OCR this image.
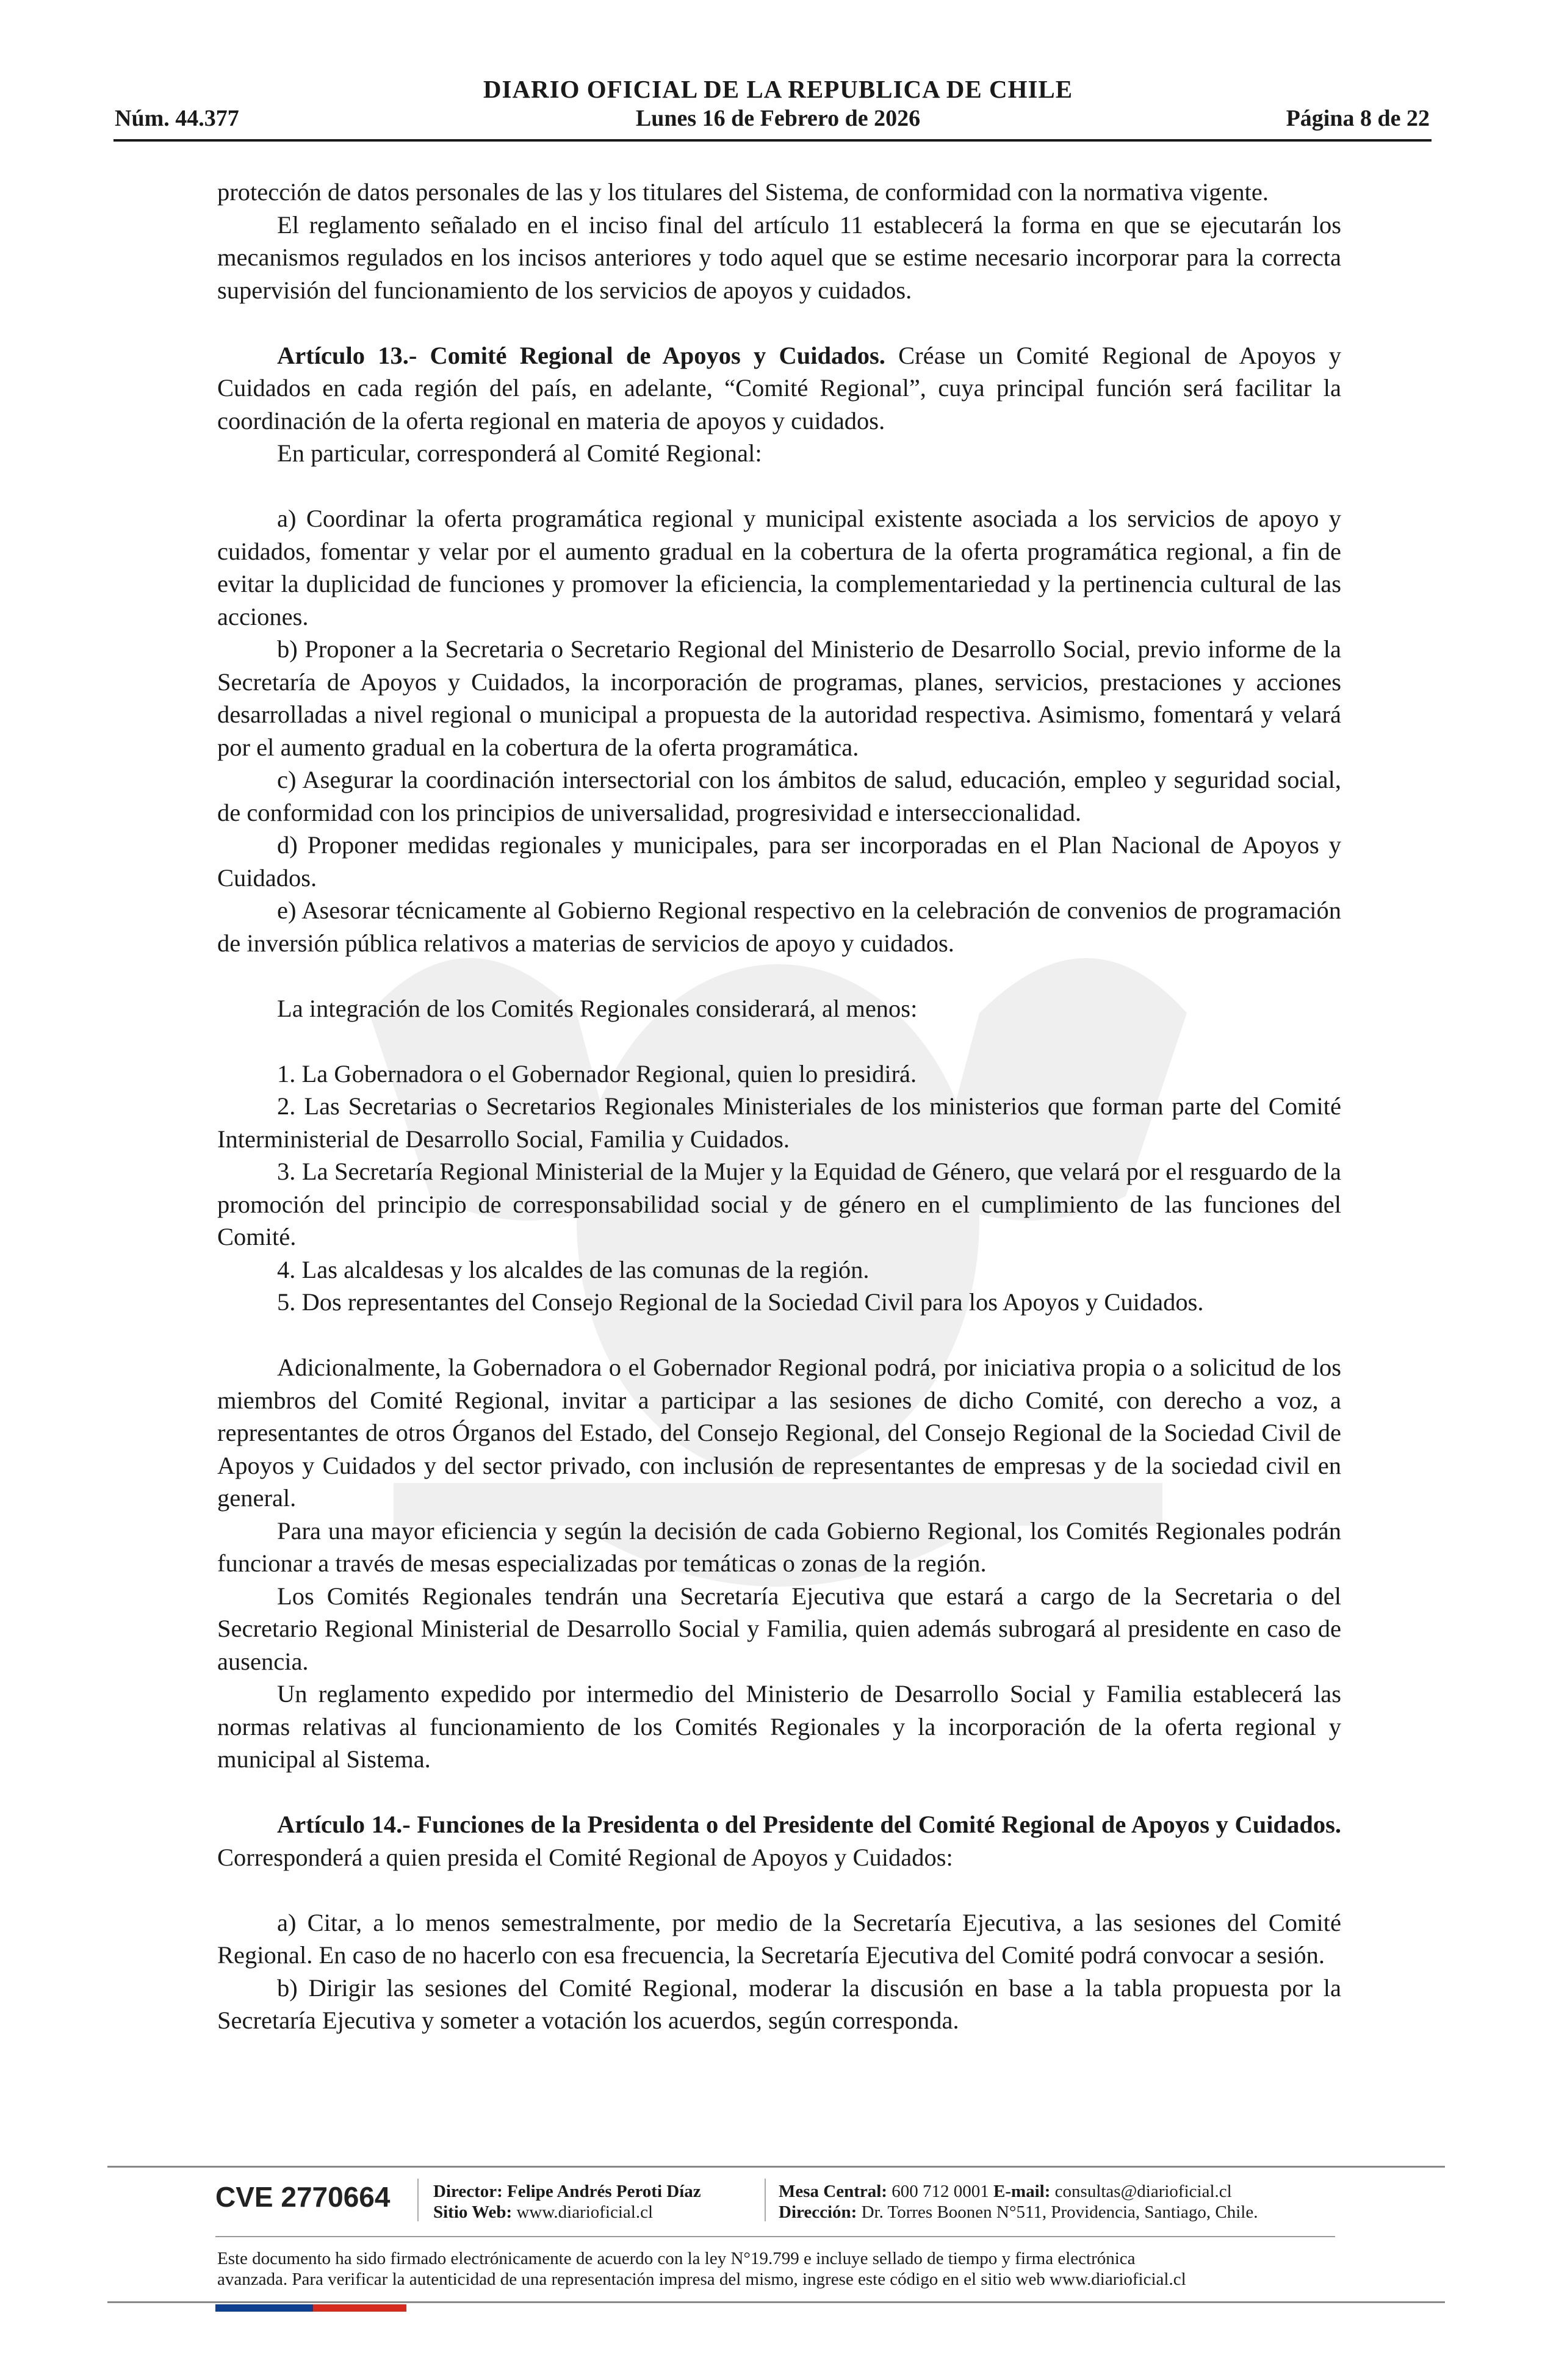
DIARIO OFICIAL DE LA REPUBLICA DE CHILE
Núm. 44.377	Lunes 16 de Febrero de 2026	Página 8 de 22

protección de datos personales de las y los titulares del Sistema, de conformidad con la normativa vigente.

El reglamento señalado en el inciso final del artículo 11 establecerá la forma en que se ejecutarán los mecanismos regulados en los incisos anteriores y todo aquel que se estime necesario incorporar para la correcta supervisión del funcionamiento de los servicios de apoyos y cuidados.

Artículo 13.- Comité Regional de Apoyos y Cuidados. Créase un Comité Regional de Apoyos y Cuidados en cada región del país, en adelante, “Comité Regional”, cuya principal función será facilitar la coordinación de la oferta regional en materia de apoyos y cuidados.

En particular, corresponderá al Comité Regional:

a) Coordinar la oferta programática regional y municipal existente asociada a los servicios de apoyo y cuidados, fomentar y velar por el aumento gradual en la cobertura de la oferta programática regional, a fin de evitar la duplicidad de funciones y promover la eficiencia, la complementariedad y la pertinencia cultural de las acciones.

b) Proponer a la Secretaria o Secretario Regional del Ministerio de Desarrollo Social, previo informe de la Secretaría de Apoyos y Cuidados, la incorporación de programas, planes, servicios, prestaciones y acciones desarrolladas a nivel regional o municipal a propuesta de la autoridad respectiva. Asimismo, fomentará y velará por el aumento gradual en la cobertura de la oferta programática.

c) Asegurar la coordinación intersectorial con los ámbitos de salud, educación, empleo y seguridad social, de conformidad con los principios de universalidad, progresividad e interseccionalidad.

d) Proponer medidas regionales y municipales, para ser incorporadas en el Plan Nacional de Apoyos y Cuidados.

e) Asesorar técnicamente al Gobierno Regional respectivo en la celebración de convenios de programación de inversión pública relativos a materias de servicios de apoyo y cuidados.

La integración de los Comités Regionales considerará, al menos:

1. La Gobernadora o el Gobernador Regional, quien lo presidirá.

2. Las Secretarias o Secretarios Regionales Ministeriales de los ministerios que forman parte del Comité Interministerial de Desarrollo Social, Familia y Cuidados.

3. La Secretaría Regional Ministerial de la Mujer y la Equidad de Género, que velará por el resguardo de la promoción del principio de corresponsabilidad social y de género en el cumplimiento de las funciones del Comité.

4. Las alcaldesas y los alcaldes de las comunas de la región.

5. Dos representantes del Consejo Regional de la Sociedad Civil para los Apoyos y Cuidados.

Adicionalmente, la Gobernadora o el Gobernador Regional podrá, por iniciativa propia o a solicitud de los miembros del Comité Regional, invitar a participar a las sesiones de dicho Comité, con derecho a voz, a representantes de otros Órganos del Estado, del Consejo Regional, del Consejo Regional de la Sociedad Civil de Apoyos y Cuidados y del sector privado, con inclusión de representantes de empresas y de la sociedad civil en general.

Para una mayor eficiencia y según la decisión de cada Gobierno Regional, los Comités Regionales podrán funcionar a través de mesas especializadas por temáticas o zonas de la región.

Los Comités Regionales tendrán una Secretaría Ejecutiva que estará a cargo de la Secretaria o del Secretario Regional Ministerial de Desarrollo Social y Familia, quien además subrogará al presidente en caso de ausencia.

Un reglamento expedido por intermedio del Ministerio de Desarrollo Social y Familia establecerá las normas relativas al funcionamiento de los Comités Regionales y la incorporación de la oferta regional y municipal al Sistema.

Artículo 14.- Funciones de la Presidenta o del Presidente del Comité Regional de Apoyos y Cuidados. Corresponderá a quien presida el Comité Regional de Apoyos y Cuidados:

a) Citar, a lo menos semestralmente, por medio de la Secretaría Ejecutiva, a las sesiones del Comité Regional. En caso de no hacerlo con esa frecuencia, la Secretaría Ejecutiva del Comité podrá convocar a sesión.

b) Dirigir las sesiones del Comité Regional, moderar la discusión en base a la tabla propuesta por la Secretaría Ejecutiva y someter a votación los acuerdos, según corresponda.

CVE 2770664 Director: Felipe Andrés Peroti Díaz
Sitio Web: www.diarioficial.cl
Mesa Central: 600 712 0001 E-mail: consultas@diarioficial.cl
Dirección: Dr. Torres Boonen N°511, Providencia, Santiago, Chile.
Este documento ha sido firmado electrónicamente de acuerdo con la ley N°19.799 e incluye sellado de tiempo y firma electrónica
avanzada. Para verificar la autenticidad de una representación impresa del mismo, ingrese este código en el sitio web www.diarioficial.cl
